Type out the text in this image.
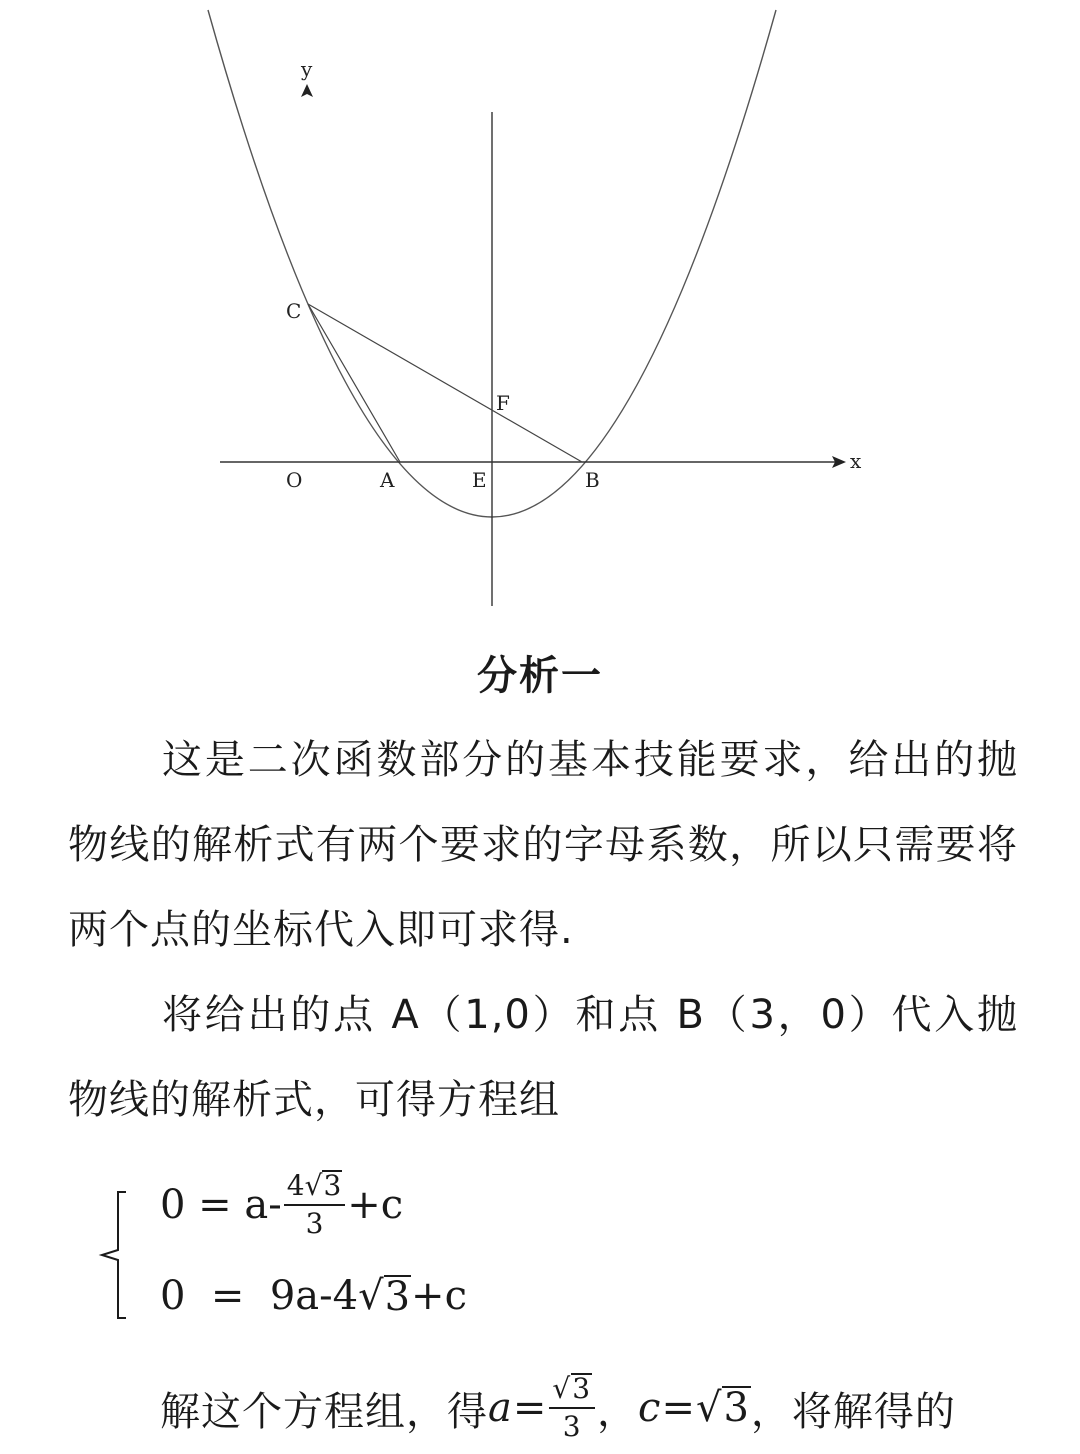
y
x
C
F
O	A	E	B
分析一

这是二次函数部分的基本技能要求，给出的抛物线的解析式有两个要求的字母系数，所以只需要将两个点的坐标代入即可求得.

将给出的点 A（1,0）和点 B（3，0）代入抛物线的解析式，可得方程组

$0 = a- \frac{4√3}{3} +c$
0  =  9a-4 √ 3 +c
解这个方程组，得 $a = \frac{√3}{3}$ ， c = √3 ，将解得的
